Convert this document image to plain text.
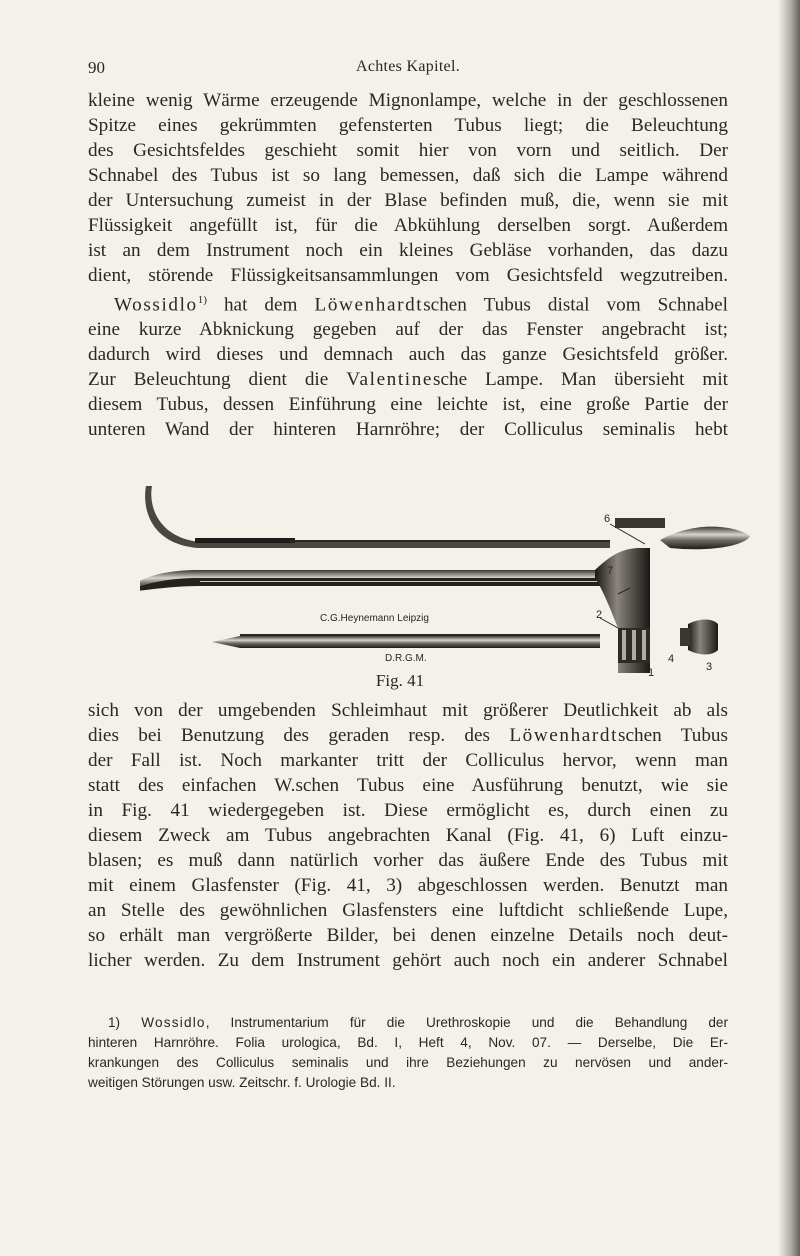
90	Achtes Kapitel.
kleine wenig Wärme erzeugende Mignonlampe, welche in der geschlossenen
Spitze eines gekrümmten gefensterten Tubus liegt; die Beleuchtung
des Gesichtsfeldes geschieht somit hier von vorn und seitlich. Der
Schnabel des Tubus ist so lang bemessen, daß sich die Lampe während
der Untersuchung zumeist in der Blase befinden muß, die, wenn sie mit
Flüssigkeit angefüllt ist, für die Abkühlung derselben sorgt. Außerdem
ist an dem Instrument noch ein kleines Gebläse vorhanden, das dazu
dient, störende Flüssigkeitsansammlungen vom Gesichtsfeld wegzutreiben.
Wossidlo$^{1)}$ hat dem Löwenhardtschen Tubus distal vom Schnabel
eine kurze Abknickung gegeben auf der das Fenster angebracht ist;
dadurch wird dieses und demnach auch das ganze Gesichtsfeld größer.
Zur Beleuchtung dient die Valentinesche Lampe. Man übersieht mit
diesem Tubus, dessen Einführung eine leichte ist, eine große Partie der
unteren Wand der hinteren Harnröhre; der Colliculus seminalis hebt
C.G.Heynemann Leipzig
D.R.G.M.
6
7
2
4
1	3
Fig. 41
sich von der umgebenden Schleimhaut mit größerer Deutlichkeit ab als
dies bei Benutzung des geraden resp. des Löwenhardtschen Tubus
der Fall ist. Noch markanter tritt der Colliculus hervor, wenn man
statt des einfachen W.schen Tubus eine Ausführung benutzt, wie sie
in Fig. 41 wiedergegeben ist. Diese ermöglicht es, durch einen zu
diesem Zweck am Tubus angebrachten Kanal (Fig. 41, 6) Luft einzu-
blasen; es muß dann natürlich vorher das äußere Ende des Tubus mit
mit einem Glasfenster (Fig. 41, 3) abgeschlossen werden. Benutzt man
an Stelle des gewöhnlichen Glasfensters eine luftdicht schließende Lupe,
so erhält man vergrößerte Bilder, bei denen einzelne Details noch deut-
licher werden. Zu dem Instrument gehört auch noch ein anderer Schnabel
1) Wossidlo, Instrumentarium für die Urethroskopie und die Behandlung der
hinteren Harnröhre. Folia urologica, Bd. I, Heft 4, Nov. 07. — Derselbe, Die Er-
krankungen des Colliculus seminalis und ihre Beziehungen zu nervösen und ander-
weitigen Störungen usw. Zeitschr. f. Urologie Bd. II.
